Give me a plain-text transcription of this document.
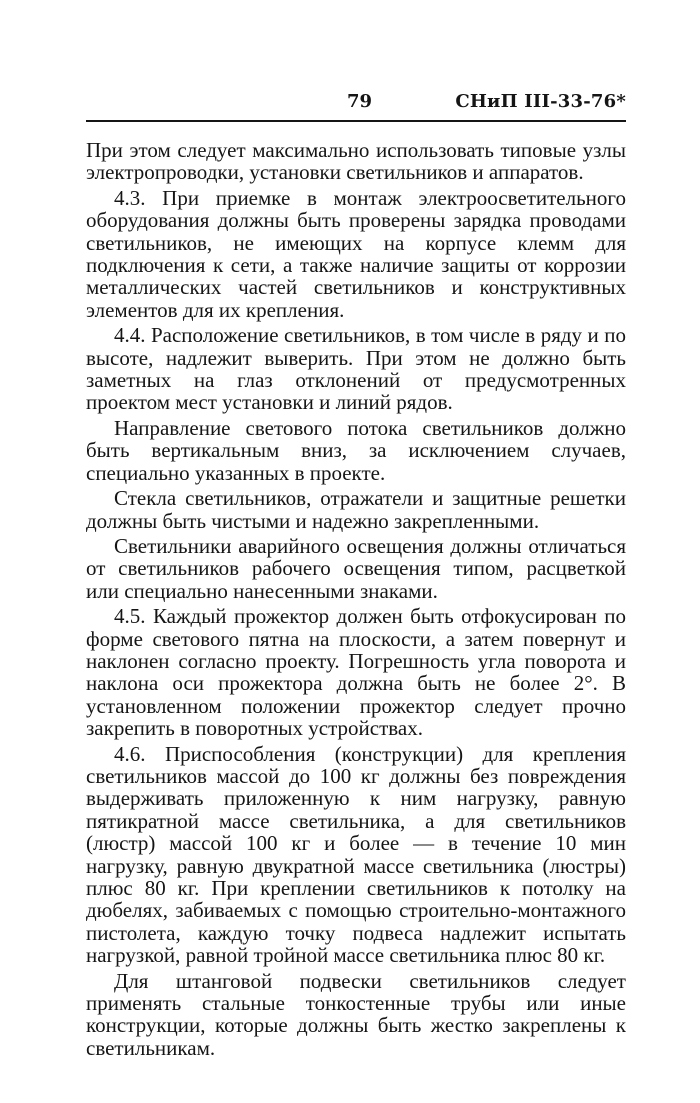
79	СНиП III-33-76*

При этом следует максимально использовать типовые узлы электропроводки, установки светильников и аппаратов.

4.3. При приемке в монтаж электроосветительного оборудования должны быть проверены зарядка проводами светильников, не имеющих на корпусе клемм для подключения к сети, а также наличие защиты от коррозии металлических частей светильников и конструктивных элементов для их крепления.

4.4. Расположение светильников, в том числе в ряду и по высоте, надлежит выверить. При этом не должно быть заметных на глаз отклонений от предусмотренных проектом мест установки и линий рядов.

Направление светового потока светильников должно быть вертикальным вниз, за исключением случаев, специально указанных в проекте.

Стекла светильников, отражатели и защитные решетки должны быть чистыми и надежно закрепленными.

Светильники аварийного освещения должны отличаться от светильников рабочего освещения типом, расцветкой или специально нанесенными знаками.

4.5. Каждый прожектор должен быть отфокусирован по форме светового пятна на плоскости, а затем повернут и наклонен согласно проекту. Погрешность угла поворота и наклона оси прожектора должна быть не более 2°. В установленном положении прожектор следует прочно закрепить в поворотных устройствах.

4.6. Приспособления (конструкции) для крепления светильников массой до 100 кг должны без повреждения выдерживать приложенную к ним нагрузку, равную пятикратной массе светильника, а для светильников (люстр) массой 100 кг и более — в течение 10 мин нагрузку, равную двукратной массе светильника (люстры) плюс 80 кг. При креплении светильников к потолку на дюбелях, забиваемых с помощью строительно-монтажного пистолета, каждую точку подвеса надлежит испытать нагрузкой, равной тройной массе светильника плюс 80 кг.

Для штанговой подвески светильников следует применять стальные тонкостенные трубы или иные конструкции, которые должны быть жестко закреплены к светильникам.
